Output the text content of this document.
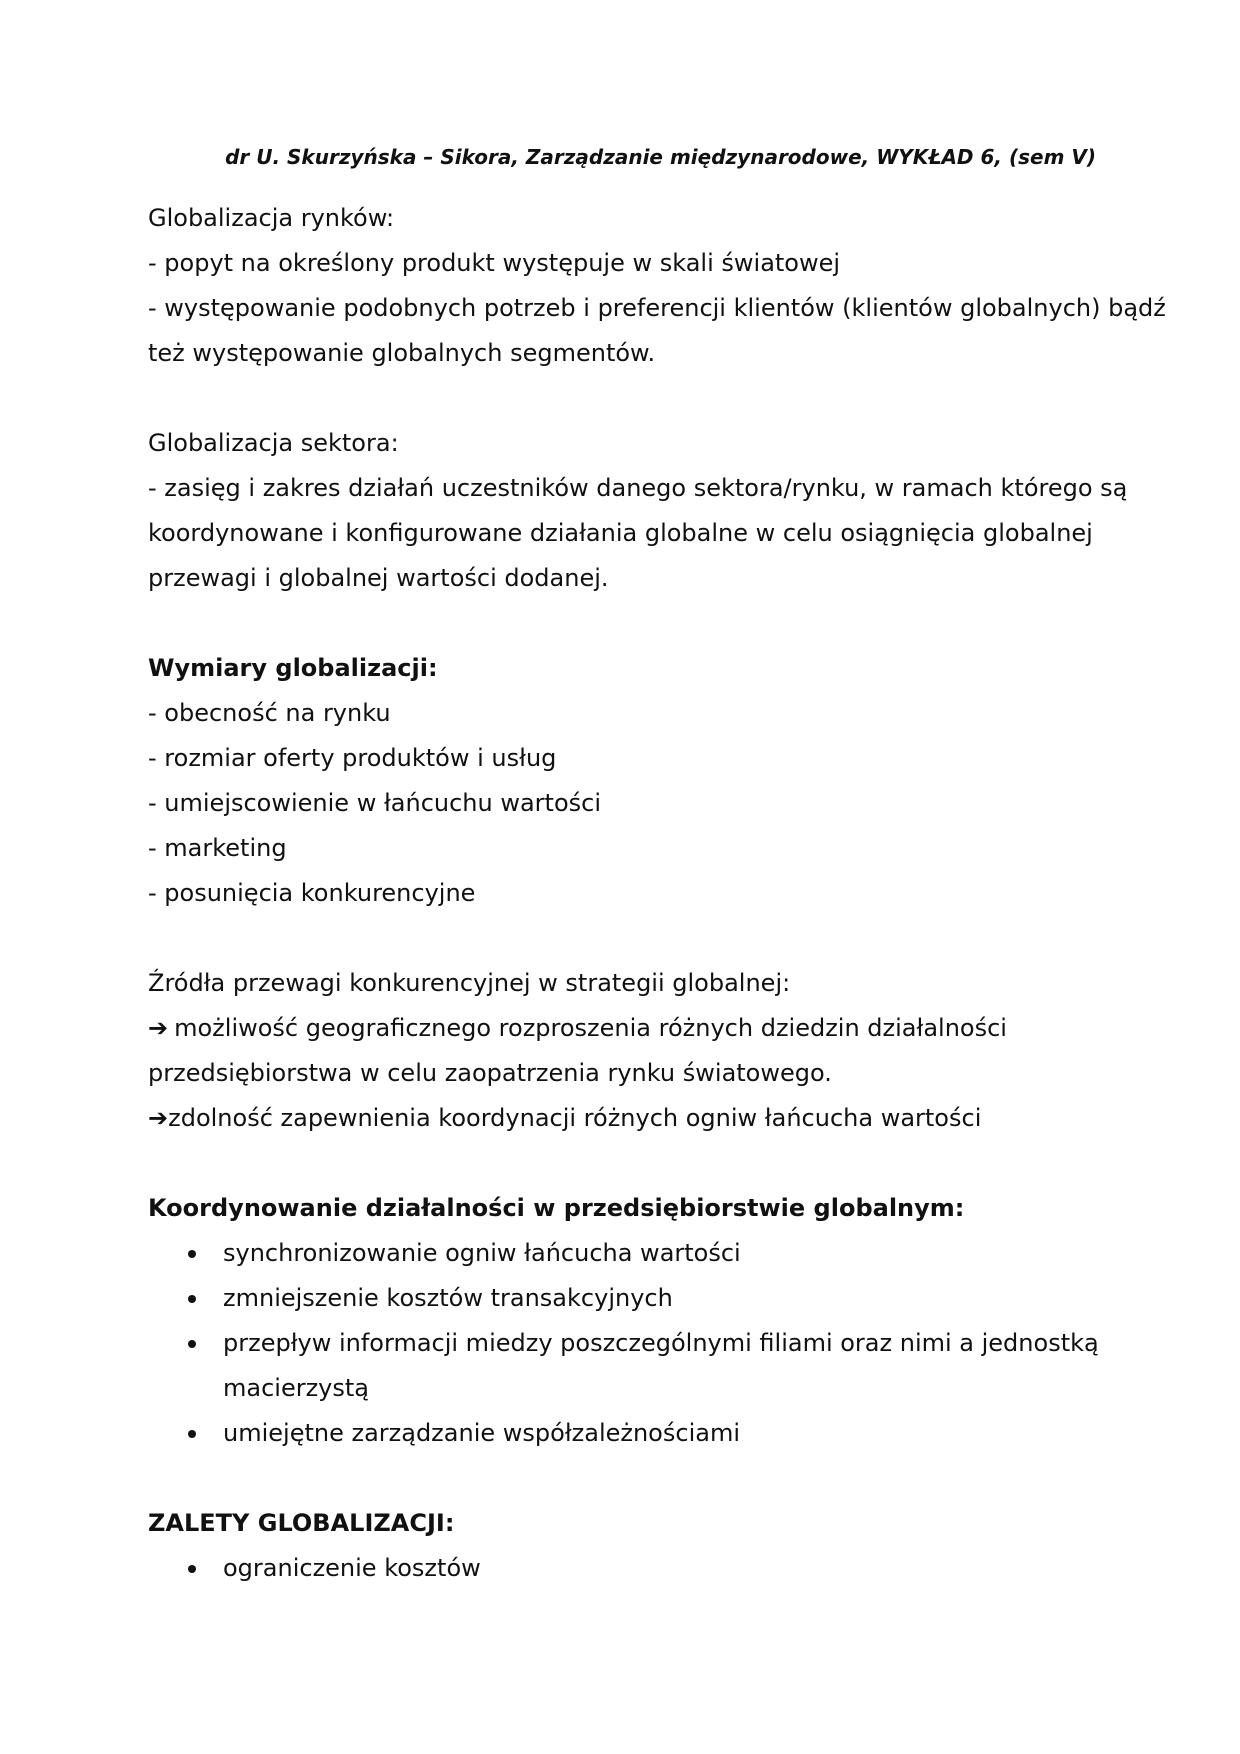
dr U. Skurzyńska – Sikora, Zarządzanie międzynarodowe, WYKŁAD 6, (sem V)
Globalizacja rynków:
- popyt na określony produkt występuje w skali światowej
- występowanie podobnych potrzeb i preferencji klientów (klientów globalnych) bądź
też występowanie globalnych segmentów.
Globalizacja sektora:
- zasięg i zakres działań uczestników danego sektora/rynku, w ramach którego są
koordynowane i konfigurowane działania globalne w celu osiągnięcia globalnej
przewagi i globalnej wartości dodanej.
Wymiary globalizacji:
- obecność na rynku
- rozmiar oferty produktów i usług
- umiejscowienie w łańcuchu wartości
- marketing
- posunięcia konkurencyjne
Źródła przewagi konkurencyjnej w strategii globalnej:
➔ możliwość geograficznego rozproszenia różnych dziedzin działalności
przedsiębiorstwa w celu zaopatrzenia rynku światowego.
➔zdolność zapewnienia koordynacji różnych ogniw łańcucha wartości
Koordynowanie działalności w przedsiębiorstwie globalnym:
synchronizowanie ogniw łańcucha wartości
zmniejszenie kosztów transakcyjnych
przepływ informacji miedzy poszczególnymi filiami oraz nimi a jednostką
macierzystą
umiejętne zarządzanie współzależnościami
ZALETY GLOBALIZACJI:
ograniczenie kosztów
